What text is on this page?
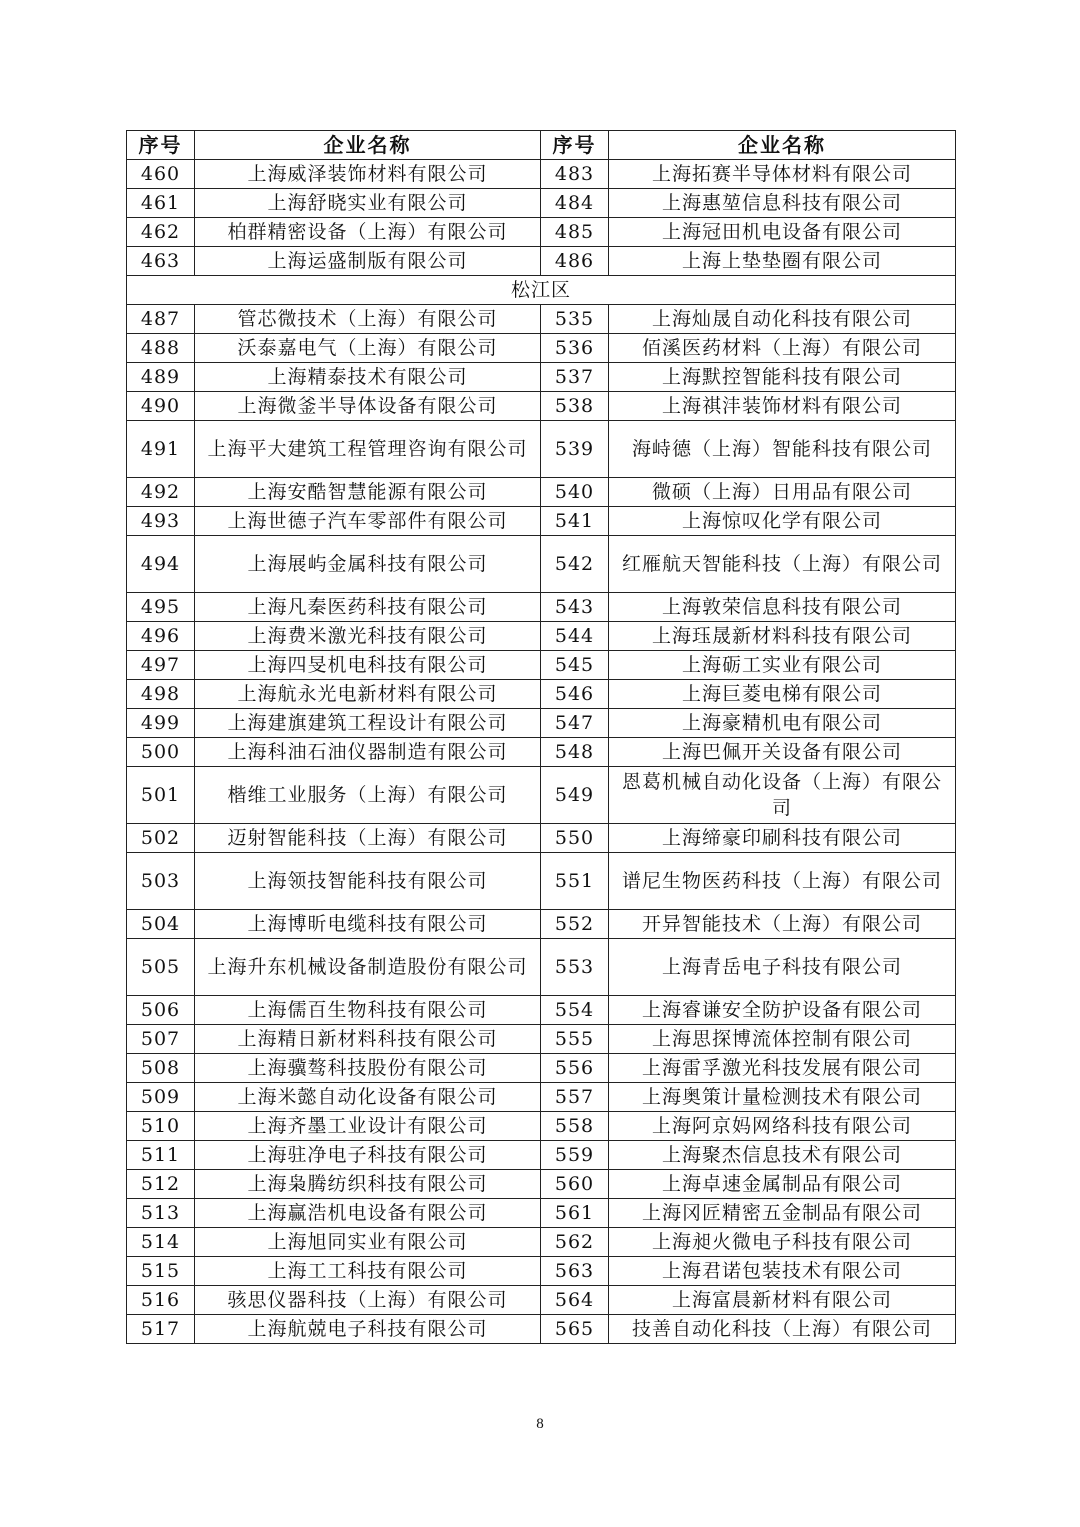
序号	企业名称	序号	企业名称
460	上海威泽装饰材料有限公司	483	上海拓赛半导体材料有限公司
461	上海舒晓实业有限公司	484	上海惠堃信息科技有限公司
462	柏群精密设备（上海）有限公司	485	上海冠田机电设备有限公司
463	上海运盛制版有限公司	486	上海上垫垫圈有限公司
松江区			
487	管芯微技术（上海）有限公司	535	上海灿晟自动化科技有限公司
488	沃泰嘉电气（上海）有限公司	536	佰溪医药材料（上海）有限公司
489	上海精泰技术有限公司	537	上海默控智能科技有限公司
490	上海微釜半导体设备有限公司	538	上海祺沣装饰材料有限公司
491	上海平大建筑工程管理咨询有限公司	539	海峙德（上海）智能科技有限公司
492	上海安酷智慧能源有限公司	540	微硕（上海）日用品有限公司
493	上海世德子汽车零部件有限公司	541	上海惊叹化学有限公司
494	上海展屿金属科技有限公司	542	红雁航天智能科技（上海）有限公司
495	上海凡秦医药科技有限公司	543	上海敦荣信息科技有限公司
496	上海费米激光科技有限公司	544	上海珏晟新材料科技有限公司
497	上海四旻机电科技有限公司	545	上海砺工实业有限公司
498	上海航永光电新材料有限公司	546	上海巨菱电梯有限公司
499	上海建旗建筑工程设计有限公司	547	上海豪精机电有限公司
500	上海科油石油仪器制造有限公司	548	上海巴佩开关设备有限公司
501	楷维工业服务（上海）有限公司	549	恩葛机械自动化设备（上海）有限公司
502	迈射智能科技（上海）有限公司	550	上海缔豪印刷科技有限公司
503	上海领技智能科技有限公司	551	谱尼生物医药科技（上海）有限公司
504	上海博昕电缆科技有限公司	552	开异智能技术（上海）有限公司
505	上海升东机械设备制造股份有限公司	553	上海青岳电子科技有限公司
506	上海儒百生物科技有限公司	554	上海睿谦安全防护设备有限公司
507	上海精日新材料科技有限公司	555	上海思探博流体控制有限公司
508	上海骥骜科技股份有限公司	556	上海雷孚激光科技发展有限公司
509	上海米懿自动化设备有限公司	557	上海奥策计量检测技术有限公司
510	上海齐墨工业设计有限公司	558	上海阿京妈网络科技有限公司
511	上海驻净电子科技有限公司	559	上海聚杰信息技术有限公司
512	上海枭腾纺织科技有限公司	560	上海卓速金属制品有限公司
513	上海赢浩机电设备有限公司	561	上海冈匠精密五金制品有限公司
514	上海旭同实业有限公司	562	上海昶火微电子科技有限公司
515	上海工工科技有限公司	563	上海君诺包装技术有限公司
516	骇思仪器科技（上海）有限公司	564	上海富晨新材料有限公司
517	上海航兢电子科技有限公司	565	技善自动化科技（上海）有限公司
8
